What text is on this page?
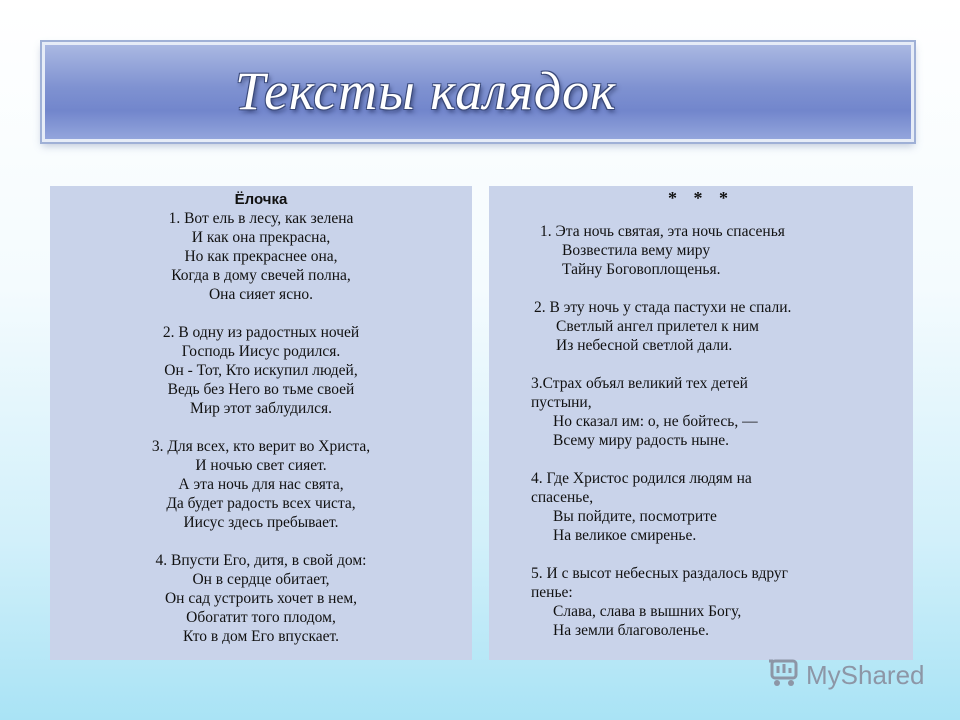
Тексты калядок
Ёлочка
1. Вот ель в лесу, как зелена
И как она прекрасна,
Но как прекраснее она,
Когда в дому свечей полна,
Она сияет ясно.
2. В одну из радостных ночей
Господь Иисус родился.
Он - Тот, Кто искупил людей,
Ведь без Него во тьме своей
Мир этот заблудился.
3. Для всех, кто верит во Христа,
И ночью свет сияет.
А эта ночь для нас свята,
Да будет радость всех чиста,
Иисус здесь пребывает.
4. Впусти Его, дитя, в свой дом:
Он в сердце обитает,
Он сад устроить хочет в нем,
Обогатит того плодом,
Кто в дом Его впускает.
* * *
1. Эта ночь святая, эта ночь спасенья
Возвестила вему миру
Тайну Боговоплощенья.
2. В эту ночь у стада пастухи не спали.
Светлый ангел прилетел к ним
Из небесной светлой дали.
3.Страх объял великий тех детей
пустыни,
Но сказал им: о, не бойтесь, —
Всему миру радость ныне.
4. Где Христос родился людям на
спасенье,
Вы пойдите, посмотрите
На великое смиренье.
5. И с высот небесных раздалось вдруг
пенье:
Слава, слава в вышних Богу,
На земли благоволенье.
MyShared
